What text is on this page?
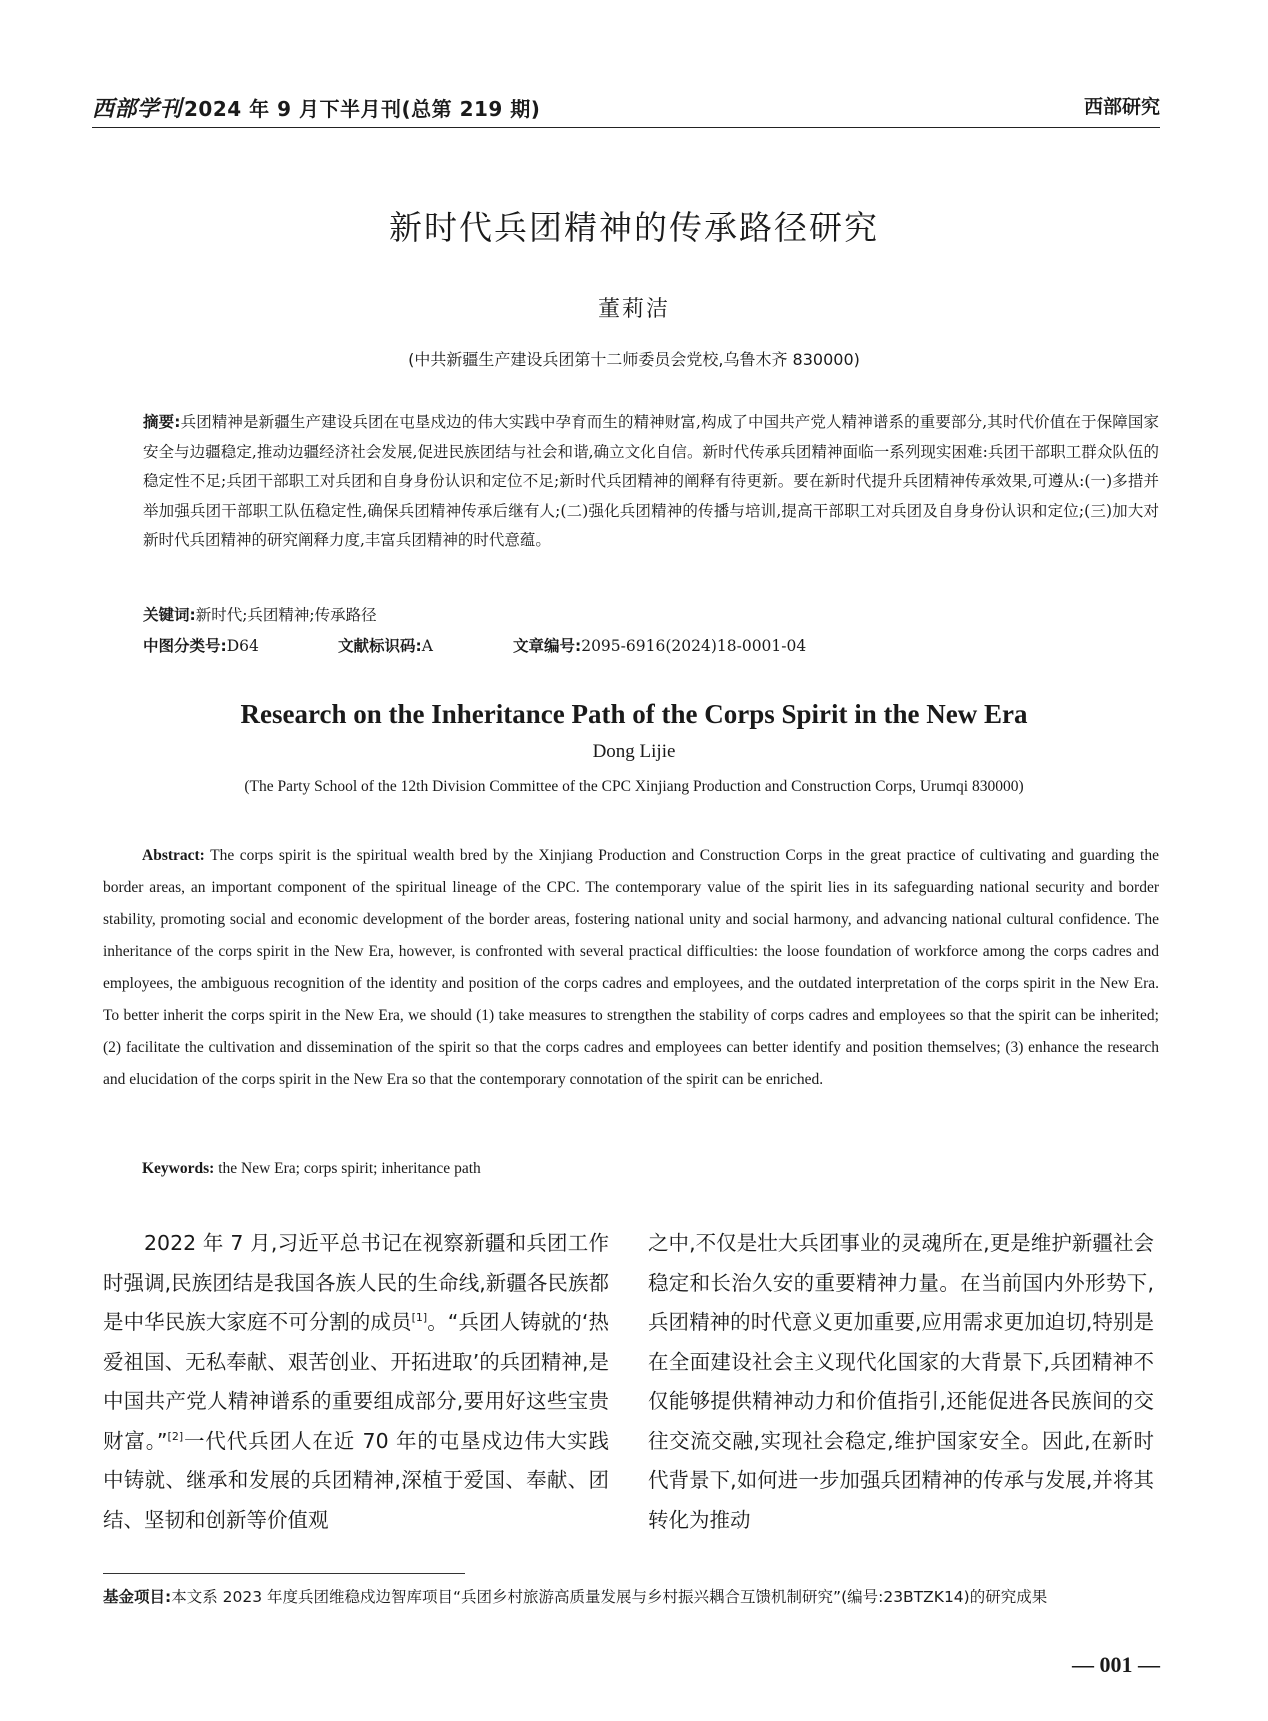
西部学刊 2024 年 9 月下半月刊(总第 219 期)	西部研究
新时代兵团精神的传承路径研究
董莉洁
(中共新疆生产建设兵团第十二师委员会党校,乌鲁木齐 830000)
摘要:兵团精神是新疆生产建设兵团在屯垦戍边的伟大实践中孕育而生的精神财富,构成了中国共产党人精神谱系的重要部分,其时代价值在于保障国家安全与边疆稳定,推动边疆经济社会发展,促进民族团结与社会和谐,确立文化自信。新时代传承兵团精神面临一系列现实困难:兵团干部职工群众队伍的稳定性不足;兵团干部职工对兵团和自身身份认识和定位不足;新时代兵团精神的阐释有待更新。要在新时代提升兵团精神传承效果,可遵从:(一)多措并举加强兵团干部职工队伍稳定性,确保兵团精神传承后继有人;(二)强化兵团精神的传播与培训,提高干部职工对兵团及自身身份认识和定位;(三)加大对新时代兵团精神的研究阐释力度,丰富兵团精神的时代意蕴。
关键词:新时代;兵团精神;传承路径
中图分类号:D64	文献标识码:A	文章编号:2095-6916(2024)18-0001-04
Research on the Inheritance Path of the Corps Spirit in the New Era
Dong Lijie
(The Party School of the 12th Division Committee of the CPC Xinjiang Production and Construction Corps, Urumqi 830000)
Abstract: The corps spirit is the spiritual wealth bred by the Xinjiang Production and Construction Corps in the great practice of cultivating and guarding the border areas, an important component of the spiritual lineage of the CPC. The contemporary value of the spirit lies in its safeguarding national security and border stability, promoting social and economic development of the border areas, fostering national unity and social harmony, and advancing national cultural confidence. The inheritance of the corps spirit in the New Era, however, is confronted with several practical difficulties: the loose foundation of workforce among the corps cadres and employees, the ambiguous recognition of the identity and position of the corps cadres and employees, and the outdated interpretation of the corps spirit in the New Era. To better inherit the corps spirit in the New Era, we should (1) take measures to strengthen the stability of corps cadres and employees so that the spirit can be inherited; (2) facilitate the cultivation and dissemination of the spirit so that the corps cadres and employees can better identify and position themselves; (3) enhance the research and elucidation of the corps spirit in the New Era so that the contemporary connotation of the spirit can be enriched.
Keywords: the New Era; corps spirit; inheritance path
2022 年 7 月,习近平总书记在视察新疆和兵团工作时强调,民族团结是我国各族人民的生命线,新疆各民族都是中华民族大家庭不可分割的成员[1]。“兵团人铸就的‘热爱祖国、无私奉献、艰苦创业、开拓进取’的兵团精神,是中国共产党人精神谱系的重要组成部分,要用好这些宝贵财富。”[2]一代代兵团人在近 70 年的屯垦戍边伟大实践中铸就、继承和发展的兵团精神,深植于爱国、奉献、团结、坚韧和创新等价值观
之中,不仅是壮大兵团事业的灵魂所在,更是维护新疆社会稳定和长治久安的重要精神力量。在当前国内外形势下,兵团精神的时代意义更加重要,应用需求更加迫切,特别是在全面建设社会主义现代化国家的大背景下,兵团精神不仅能够提供精神动力和价值指引,还能促进各民族间的交往交流交融,实现社会稳定,维护国家安全。因此,在新时代背景下,如何进一步加强兵团精神的传承与发展,并将其转化为推动
基金项目:本文系 2023 年度兵团维稳戍边智库项目“兵团乡村旅游高质量发展与乡村振兴耦合互馈机制研究”(编号:23BTZK14)的研究成果
— 001 —
